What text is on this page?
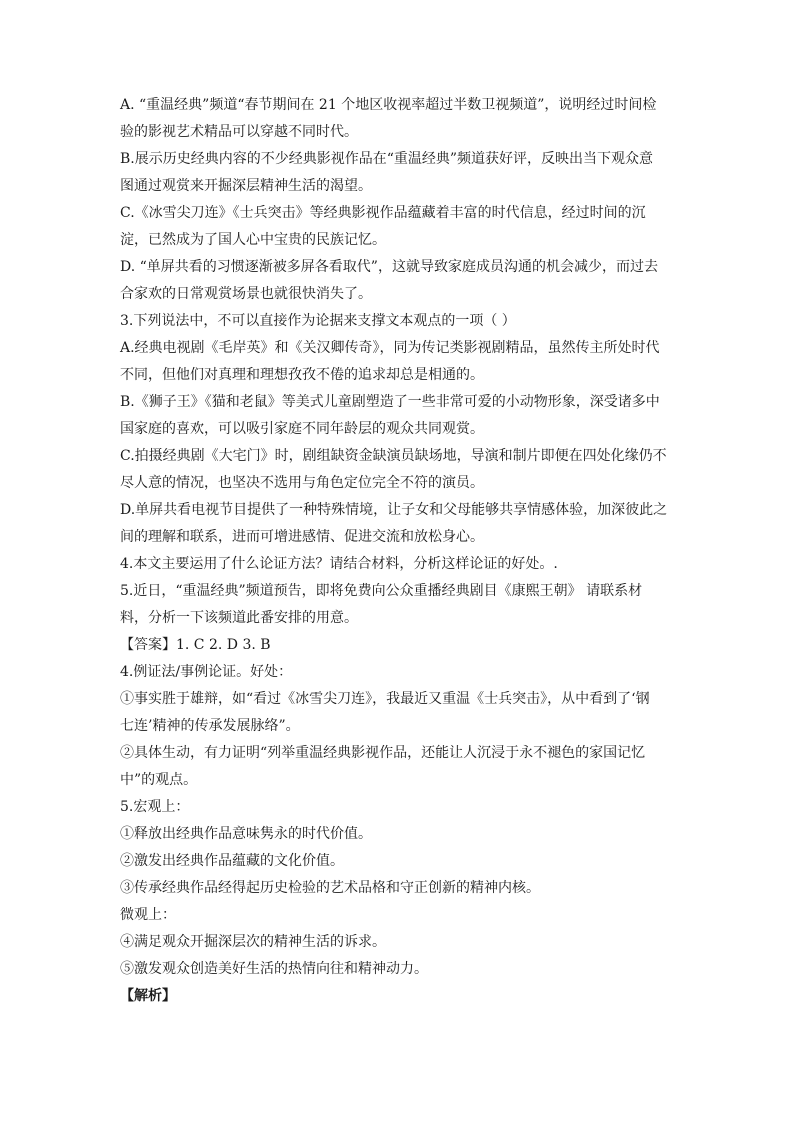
A. “重温经典”频道“春节期间在 21 个地区收视率超过半数卫视频道”，说明经过时间检
验的影视艺术精品可以穿越不同时代。
B.展示历史经典内容的不少经典影视作品在“重温经典”频道获好评，反映出当下观众意
图通过观赏来开掘深层精神生活的渴望。
C.《冰雪尖刀连》《士兵突击》等经典影视作品蕴藏着丰富的时代信息，经过时间的沉
淀，已然成为了国人心中宝贵的民族记忆。
D. “单屏共看的习惯逐渐被多屏各看取代”，这就导致家庭成员沟通的机会减少，而过去
合家欢的日常观赏场景也就很快消失了。
3.下列说法中，不可以直接作为论据来支撑文本观点的一项（ ）
A.经典电视剧《毛岸英》和《关汉卿传奇》，同为传记类影视剧精品，虽然传主所处时代
不同，但他们对真理和理想孜孜不倦的追求却总是相通的。
B.《狮子王》《猫和老鼠》等美式儿童剧塑造了一些非常可爱的小动物形象，深受诸多中
国家庭的喜欢，可以吸引家庭不同年龄层的观众共同观赏。
C.拍摄经典剧《大宅门》时，剧组缺资金缺演员缺场地，导演和制片即便在四处化缘仍不
尽人意的情况，也坚决不选用与角色定位完全不符的演员。
D.单屏共看电视节目提供了一种特殊情境，让子女和父母能够共享情感体验，加深彼此之
间的理解和联系，进而可增进感情、促进交流和放松身心。
4.本文主要运用了什么论证方法？请结合材料，分析这样论证的好处。.
5.近日，“重温经典”频道预告，即将免费向公众重播经典剧目《康熙王朝》 请联系材
料，分析一下该频道此番安排的用意。
【答案】1. C 2. D 3. B
4.例证法/事例论证。好处：
①事实胜于雄辩，如“看过《冰雪尖刀连》，我最近又重温《士兵突击》，从中看到了‘钢
七连’精神的传承发展脉络”。
②具体生动，有力证明“列举重温经典影视作品，还能让人沉浸于永不褪色的家国记忆
中”的观点。
5.宏观上：
①释放出经典作品意味隽永的时代价值。
②激发出经典作品蕴藏的文化价值。
③传承经典作品经得起历史检验的艺术品格和守正创新的精神内核。
微观上：
④满足观众开掘深层次的精神生活的诉求。
⑤激发观众创造美好生活的热情向往和精神动力。
【解析】
